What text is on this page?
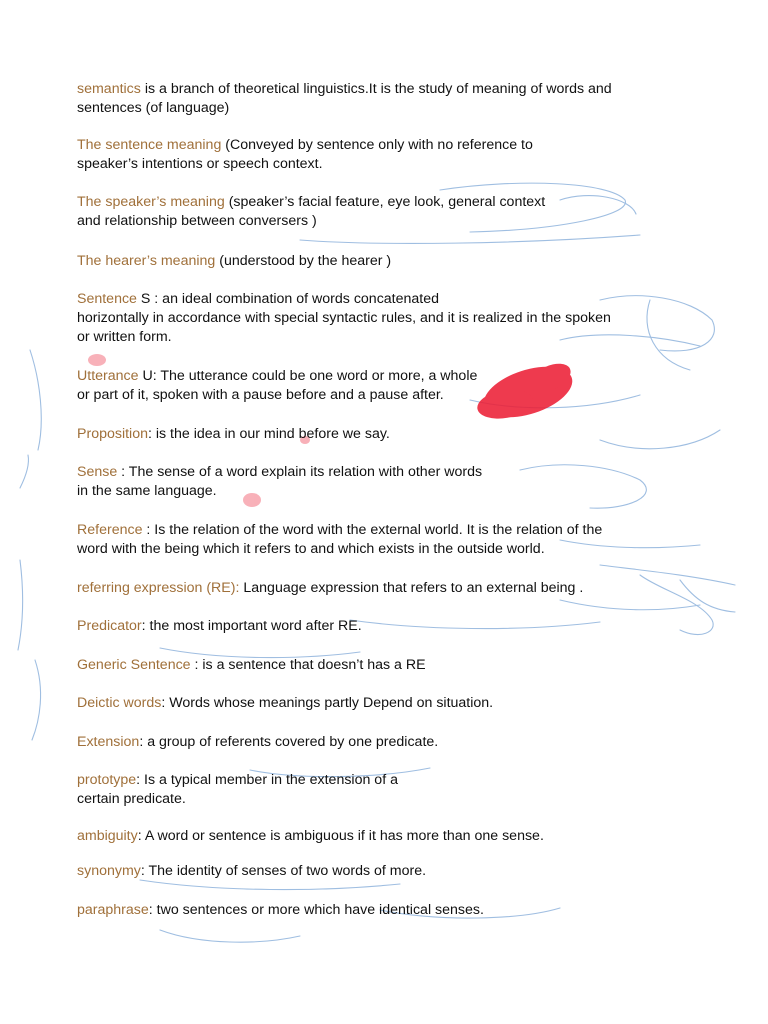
semantics is a branch of theoretical linguistics.It is the study of meaning of words and
sentences (of language)

The sentence meaning (Conveyed by sentence only with no reference to
speaker’s intentions or speech context.

The speaker’s meaning (speaker’s facial feature, eye look, general context
and relationship between conversers )

The hearer’s meaning (understood by the hearer )

Sentence S : an ideal combination of words concatenated
horizontally in accordance with special syntactic rules, and it is realized in the spoken
or written form.

Utterance U: The utterance could be one word or more, a whole
or part of it, spoken with a pause before and a pause after.

Proposition: is the idea in our mind before we say.

Sense : The sense of a word explain its relation with other words
in the same language.

Reference : Is the relation of the word with the external world. It is the relation of the
word with the being which it refers to and which exists in the outside world.

referring expression (RE): Language expression that refers to an external being .

Predicator: the most important word after RE.

Generic Sentence : is a sentence that doesn’t has a RE

Deictic words: Words whose meanings partly Depend on situation.

Extension: a group of referents covered by one predicate.

prototype: Is a typical member in the extension of a
certain predicate.

ambiguity: A word or sentence is ambiguous if it has more than one sense.

synonymy: The identity of senses of two words of more.

paraphrase: two sentences or more which have identical senses.
